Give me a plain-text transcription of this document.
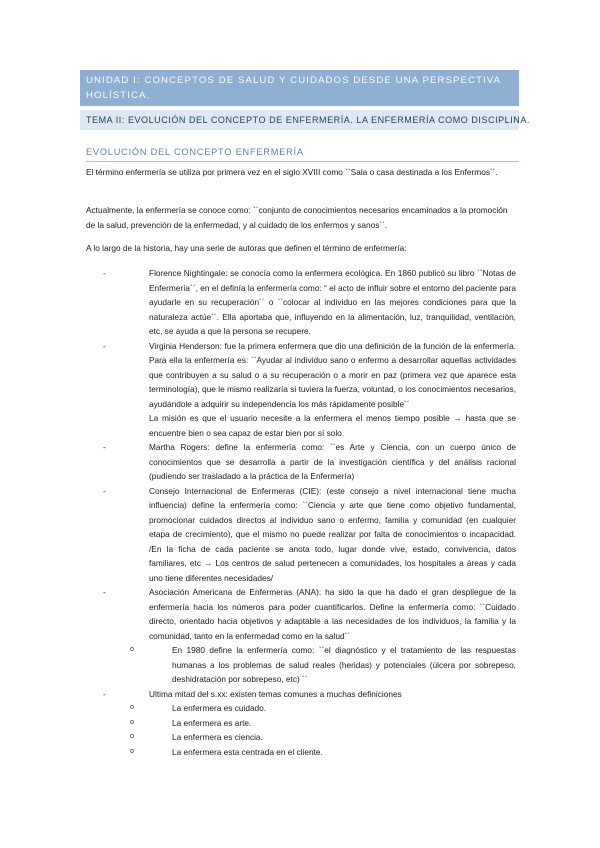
UNIDAD I: CONCEPTOS DE SALUD Y CUIDADOS DESDE UNA PERSPECTIVA HOLÍSTICA.
TEMA II: EVOLUCIÓN DEL CONCEPTO DE ENFERMERÍA. LA ENFERMERÍA COMO DISCIPLINA.
EVOLUCIÓN DEL CONCEPTO ENFERMERÍA

El término enfermería se utiliza por primera vez en el siglo XVIII como ``Sala o casa destinada a los Enfermos´´.

Actualmente, la enfermería se conoce como: ``conjunto de conocimientos necesarios encaminados a la promoción de la salud, prevención de la enfermedad, y al cuidado de los enfermos y sanos´´.

A lo largo de la historia, hay una serie de autoras que definen el término de enfermería:

-	Florence Nightingale: se conocía como la enfermera ecológica. En 1860 publicó su libro ``Notas de Enfermería´´, en el definía la enfermería como: “ el acto de influir sobre el entorno del paciente para ayudarle en su recuperación´´ o ``colocar al individuo en las mejores condiciones para que la naturaleza actúe´´. Ella aportaba que, influyendo en la alimentación, luz, tranquilidad, ventilación, etc, se ayuda a que la persona se recupere.
-	Virginia Henderson: fue la primera enfermera que dio una definición de la función de la enfermería. Para ella la enfermería es: ``Ayudar al individuo sano o enfermo a desarrollar aquellas actividades que contribuyen a su salud o a su recuperación o a morir en paz (primera vez que aparece esta terminología), que le mismo realizaría si tuviera la fuerza, voluntad, o los conocimientos necesarios, ayudándole a adquirir su independencia los más rápidamente posible´´

La misión es que el usuario necesite a la enfermera el menos tiempo posible → hasta que se encuentre bien o sea capaz de estar bien por sí solo.

-	Martha Rogers: define la enfermería como: ``es Arte y Ciencia, con un cuerpo único de conocimientos que se desarrolla a partir de la investigación científica y del análisis racional (pudiendo ser trasladado a la práctica de la Enfermería)
-	Consejo Internacional de Enfermeras (CIE): (este consejo a nivel internacional tiene mucha influencia) define la enfermería como: ``Ciencia y arte que tiene como objetivo fundamental, promocionar cuidados directos al individuo sano o enfermo, familia y comunidad (en cualquier etapa de crecimiento), que el mismo no puede realizar por falta de conocimientos o incapacidad. /En la ficha de cada paciente se anota todo, lugar donde vive, estado, convivencia, datos familiares, etc → Los centros de salud pertenecen a comunidades, los hospitales a áreas y cada uno tiene diferentes necesidades/
-	Asociación Americana de Enfermeras (ANA): ha sido la que ha dado el gran despliegue de la enfermería hacia los números para poder cuantificarlos. Define la enfermería como: ``Cuidado directo, orientado hacia objetivos y adaptable a las necesidades de los individuos, la familia y la comunidad, tanto en la enfermedad como en la salud´´
o	En 1980 define la enfermería como: ``el diagnóstico y el tratamiento de las respuestas humanas a los problemas de salud reales (heridas) y potenciales (úlcera por sobrepeso, deshidratación por sobrepeso, etc) ´´
-	Ultima mitad del s.xx: existen temas comunes a muchas definiciones
o	La enfermera es cuidado.
o	La enfermera es arte.
o	La enfermera es ciencia.
o	La enfermera esta centrada en el cliente.
